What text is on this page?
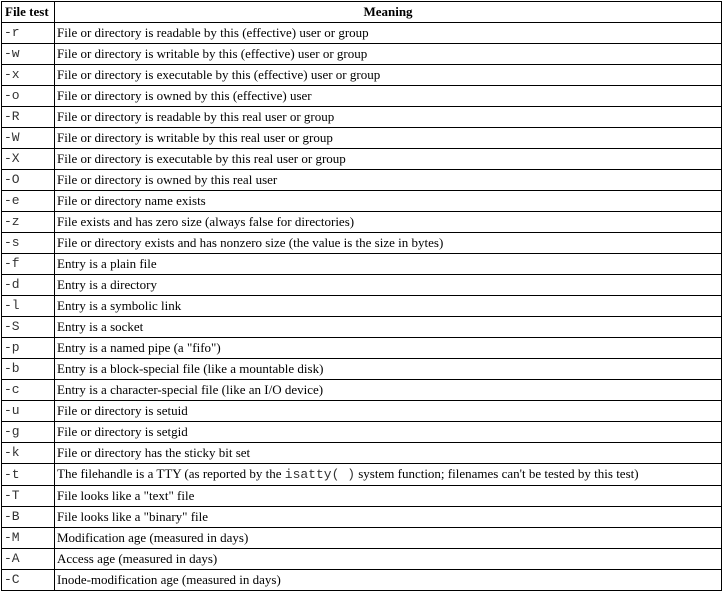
File test	Meaning
-r	File or directory is readable by this (effective) user or group
-w	File or directory is writable by this (effective) user or group
-x	File or directory is executable by this (effective) user or group
-o	File or directory is owned by this (effective) user
-R	File or directory is readable by this real user or group
-W	File or directory is writable by this real user or group
-X	File or directory is executable by this real user or group
-O	File or directory is owned by this real user
-e	File or directory name exists
-z	File exists and has zero size (always false for directories)
-s	File or directory exists and has nonzero size (the value is the size in bytes)
-f	Entry is a plain file
-d	Entry is a directory
-l	Entry is a symbolic link
-S	Entry is a socket
-p	Entry is a named pipe (a "fifo")
-b	Entry is a block-special file (like a mountable disk)
-c	Entry is a character-special file (like an I/O device)
-u	File or directory is setuid
-g	File or directory is setgid
-k	File or directory has the sticky bit set
-t	The filehandle is a TTY (as reported by the isatty( ) system function; filenames can't be tested by this test)
-T	File looks like a "text" file
-B	File looks like a "binary" file
-M	Modification age (measured in days)
-A	Access age (measured in days)
-C	Inode-modification age (measured in days)
